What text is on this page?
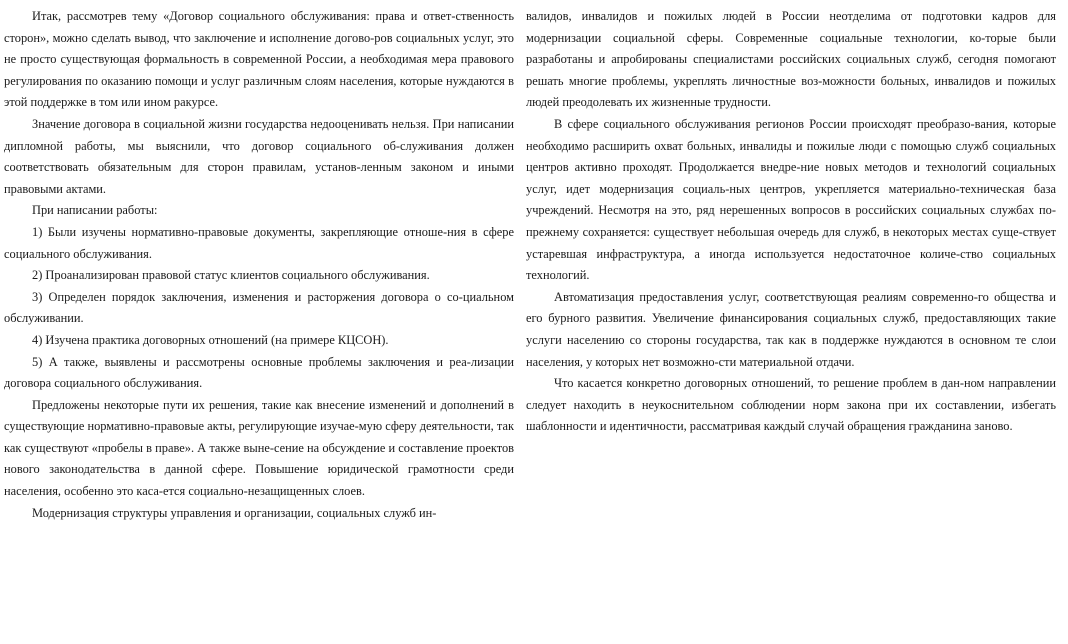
Итак, рассмотрев тему «Договор социального обслуживания: права и ответ-ственность сторон», можно сделать вывод, что заключение и исполнение догово-ров социальных услуг, это не просто существующая формальность в современной России, а необходимая мера правового регулирования по оказанию помощи и услуг различным слоям населения, которые нуждаются в этой поддержке в том или ином ракурсе.

Значение договора в социальной жизни государства недооценивать нельзя. При написании дипломной работы, мы выяснили, что договор социального об-служивания должен соответствовать обязательным для сторон правилам, установ-ленным законом и иными правовыми актами.

При написании работы:

1) Были изучены нормативно-правовые документы, закрепляющие отноше-ния в сфере социального обслуживания.

2) Проанализирован правовой статус клиентов социального обслуживания.

3) Определен порядок заключения, изменения и расторжения договора о со-циальном обслуживании.

4) Изучена практика договорных отношений (на примере КЦСОН).

5) А также, выявлены и рассмотрены основные проблемы заключения и реа-лизации договора социального обслуживания.

Предложены некоторые пути их решения, такие как внесение изменений и дополнений в существующие нормативно-правовые акты, регулирующие изучае-мую сферу деятельности, так как существуют «пробелы в праве». А также выне-сение на обсуждение и составление проектов нового законодательства в данной сфере. Повышение юридической грамотности среди населения, особенно это каса-ется социально-незащищенных слоев.

Модернизация структуры управления и организации, социальных служб ин-

валидов, инвалидов и пожилых людей в России неотделима от подготовки кадров для модернизации социальной сферы. Современные социальные технологии, ко-торые были разработаны и апробированы специалистами российских социальных служб, сегодня помогают решать многие проблемы, укреплять личностные воз-можности больных, инвалидов и пожилых людей преодолевать их жизненные трудности.

В сфере социального обслуживания регионов России происходят преобразо-вания, которые необходимо расширить охват больных, инвалиды и пожилые люди с помощью служб социальных центров активно проходят. Продолжается внедре-ние новых методов и технологий социальных услуг, идет модернизация социаль-ных центров, укрепляется материально-техническая база учреждений. Несмотря на это, ряд нерешенных вопросов в российских социальных службах по-прежнему сохраняется: существует небольшая очередь для служб, в некоторых местах суще-ствует устаревшая инфраструктура, а иногда используется недостаточное количе-ство социальных технологий.

Автоматизация предоставления услуг, соответствующая реалиям современно-го общества и его бурного развития. Увеличение финансирования социальных служб, предоставляющих такие услуги населению со стороны государства, так как в поддержке нуждаются в основном те слои населения, у которых нет возможно-сти материальной отдачи.

Что касается конкретно договорных отношений, то решение проблем в дан-ном направлении следует находить в неукоснительном соблюдении норм закона при их составлении, избегать шаблонности и идентичности, рассматривая каждый случай обращения гражданина заново.
